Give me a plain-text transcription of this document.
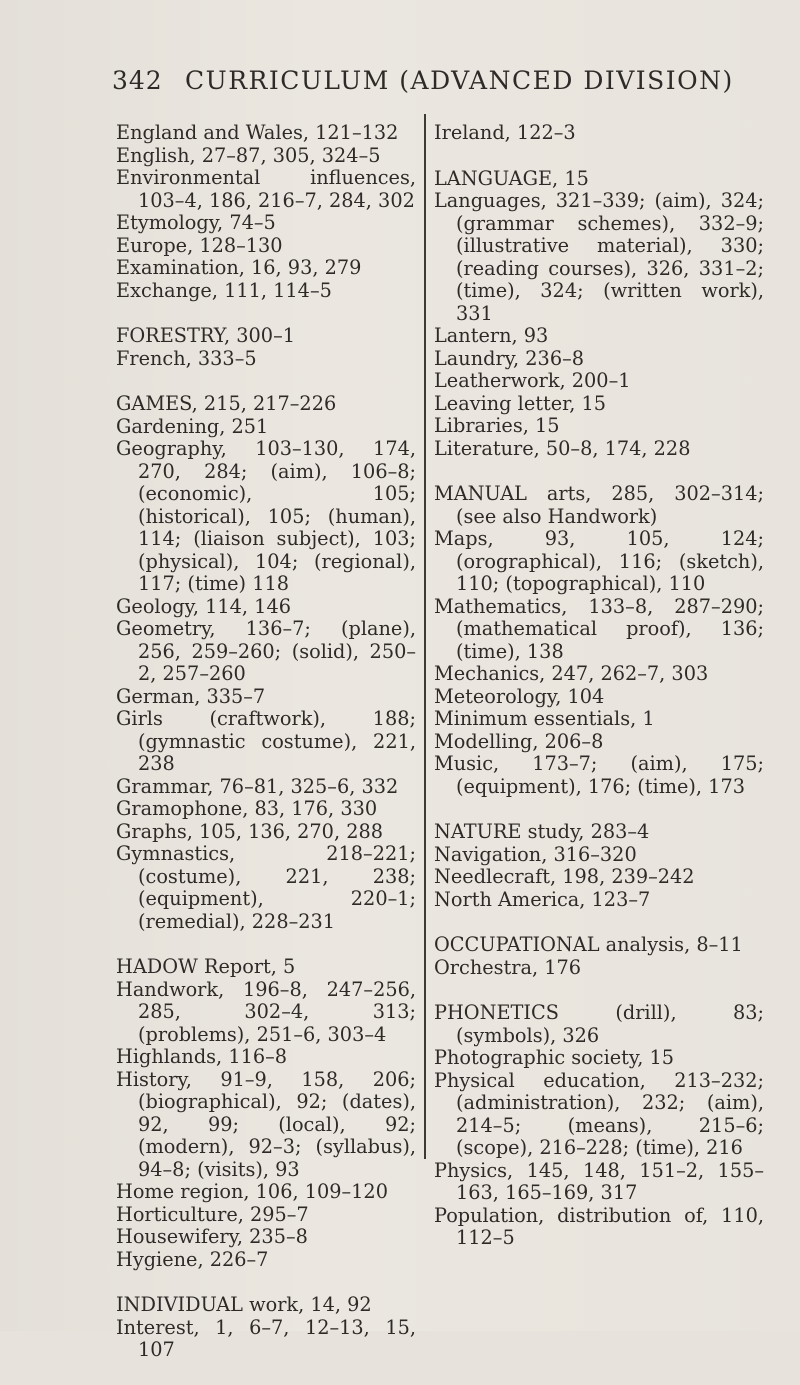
342 CURRICULUM (ADVANCED DIVISION)
England and Wales, 121–132
English, 27–87, 305, 324–5
Environmental influences, 103–4, 186, 216–7, 284, 302
Etymology, 74–5
Europe, 128–130
Examination, 16, 93, 279
Exchange, 111, 114–5
FORESTRY, 300–1
French, 333–5
GAMES, 215, 217–226
Gardening, 251
Geography, 103–130, 174, 270, 284; (aim), 106–8; (economic), 105; (historical), 105; (human), 114; (liaison subject), 103; (physical), 104; (regional), 117; (time) 118
Geology, 114, 146
Geometry, 136–7; (plane), 256, 259–260; (solid), 250–2, 257–260
German, 335–7
Girls (craftwork), 188; (gymnastic costume), 221, 238
Grammar, 76–81, 325–6, 332
Gramophone, 83, 176, 330
Graphs, 105, 136, 270, 288
Gymnastics, 218–221; (costume), 221, 238; (equipment), 220–1; (remedial), 228–231
HADOW Report, 5
Handwork, 196–8, 247–256, 285, 302–4, 313; (problems), 251–6, 303–4
Highlands, 116–8
History, 91–9, 158, 206; (biographical), 92; (dates), 92, 99; (local), 92; (modern), 92–3; (syllabus), 94–8; (visits), 93
Home region, 106, 109–120
Horticulture, 295–7
Housewifery, 235–8
Hygiene, 226–7
INDIVIDUAL work, 14, 92
Interest, 1, 6–7, 12–13, 15, 107
Ireland, 122–3
LANGUAGE, 15
Languages, 321–339; (aim), 324; (grammar schemes), 332–9; (illustrative material), 330; (reading courses), 326, 331–2; (time), 324; (written work), 331
Lantern, 93
Laundry, 236–8
Leatherwork, 200–1
Leaving letter, 15
Libraries, 15
Literature, 50–8, 174, 228
MANUAL arts, 285, 302–314; (see also Handwork)
Maps, 93, 105, 124; (orographical), 116; (sketch), 110; (topographical), 110
Mathematics, 133–8, 287–290; (mathematical proof), 136; (time), 138
Mechanics, 247, 262–7, 303
Meteorology, 104
Minimum essentials, 1
Modelling, 206–8
Music, 173–7; (aim), 175; (equipment), 176; (time), 173
NATURE study, 283–4
Navigation, 316–320
Needlecraft, 198, 239–242
North America, 123–7
OCCUPATIONAL analysis, 8–11
Orchestra, 176
PHONETICS (drill), 83; (symbols), 326
Photographic society, 15
Physical education, 213–232; (administration), 232; (aim), 214–5; (means), 215–6; (scope), 216–228; (time), 216
Physics, 145, 148, 151–2, 155–163, 165–169, 317
Population, distribution of, 110, 112–5
